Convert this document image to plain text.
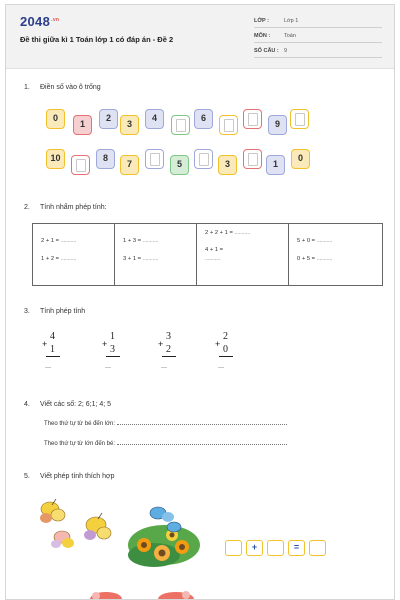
$2048^{.vn}$
Đề thi giữa kì 1 Toán lớp 1 có đáp án - Đề 2
LỚP :	Lớp 1
MÔN :	Toán
SỐ CÂU : 9
1. Điền số vào ô trống
0
1
2
3
4	6
9
10	8
7	5	3	1
0
2. Tính nhẩm phép tính:
2 + 1 = ...........
1 + 2 = ...........

1 + 3 = ...........
3 + 1 = ...........

2 + 2 + 1 = ...........
4 + 1 =
...........

5 + 0 = ...........
0 + 5 = ...........
3. Tính phép tính
4
+ 1
......
1
+ 3
......
3
+ 2
......
2
+ 0
......
4. Viết các số: 2; 6;1; 4; 5
Theo thứ tự từ bé đến lớn:
Theo thứ tự từ lớn đến bé:
5. Viết phép tính thích hợp
+	=
